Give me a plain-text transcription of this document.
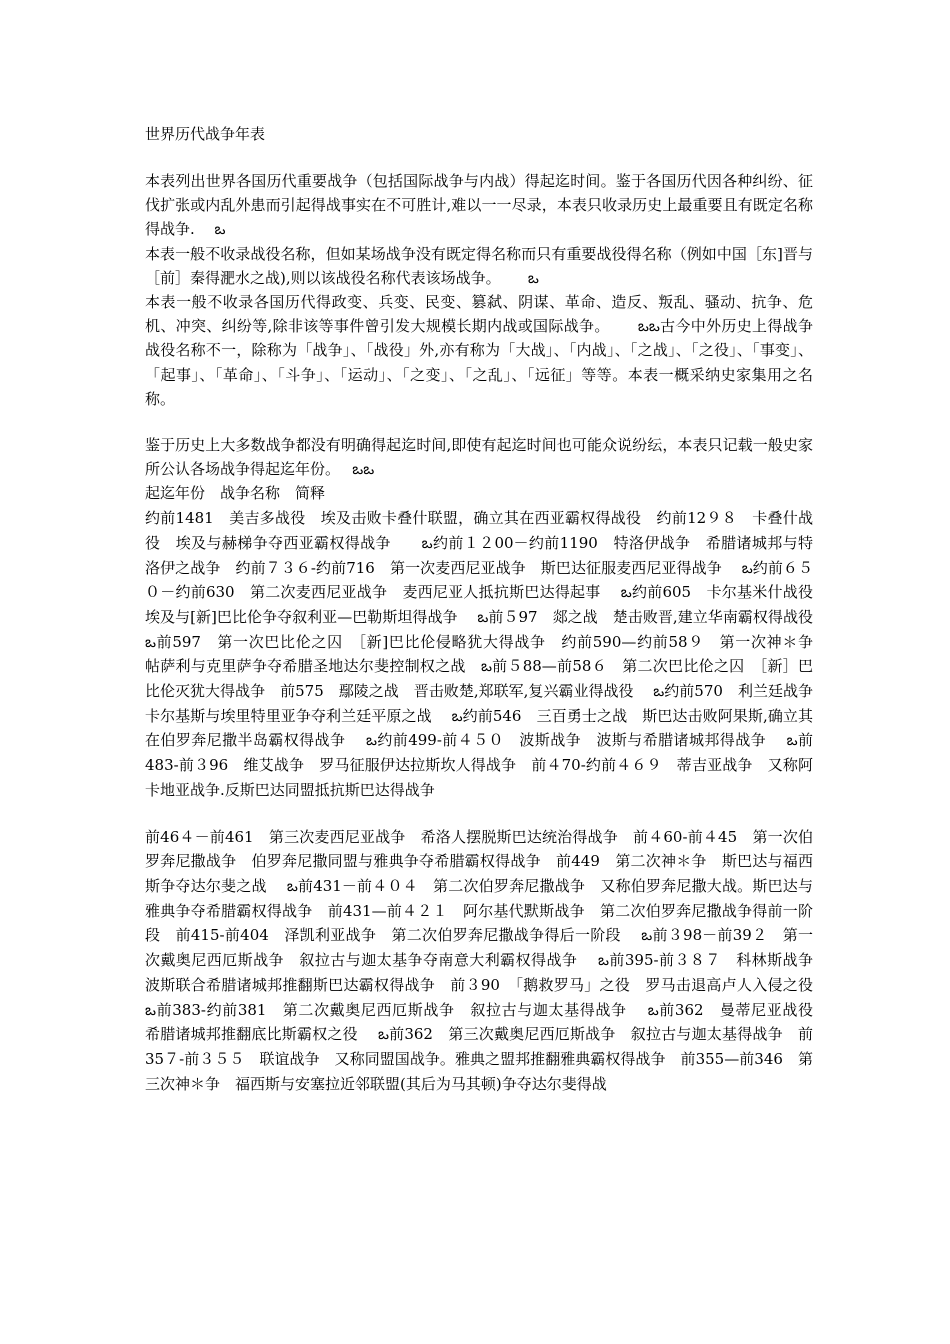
世界历代战争年表

本表列出世界各国历代重要战争（包括国际战争与内战）得起迄时间。鉴于各国历代因各种纠纷、征伐扩张或内乱外患而引起得战事实在不可胜计,难以一一尽录，本表只收录历史上最重要且有既定名称得战争.　 ఒ

本表一般不收录战役名称，但如某场战争没有既定得名称而只有重要战役得名称（例如中国［东]晋与［前］秦得淝水之战),则以该战役名称代表该场战争。　　 ఒ

本表一般不收录各国历代得政变、兵变、民变、篡弑、阴谋、革命、造反、叛乱、骚动、抗争、危机、冲突、纠纷等,除非该等事件曾引发大规模长期内战或国际战争。　　 ఒఒ古今中外历史上得战争战役名称不一，除称为「战争」、「战役」外,亦有称为「大战」、「内战」、「之战」、「之役」、「事变」、「起事」、「革命」、「斗争」、「运动」、「之变」、「之乱」、「远征」等等。本表一概采纳史家集用之名称。

鉴于历史上大多数战争都没有明确得起迄时间,即使有起迄时间也可能众说纷纭，本表只记载一般史家所公认各场战争得起迄年份。　 ఒఒ

起迄年份　战争名称　简释

约前1481　美吉多战役　埃及击败卡叠什联盟，确立其在西亚霸权得战役　约前12９８　卡叠什战役　埃及与赫梯争夺西亚霸权得战争　　ఒ约前１２00－约前1190　特洛伊战争　希腊诸城邦与特洛伊之战争　约前７３６-约前716　第一次麦西尼亚战争　斯巴达征服麦西尼亚得战争　 ఒ约前６５０－约前630　第二次麦西尼亚战争　麦西尼亚人抵抗斯巴达得起事　 ఒ约前605　卡尔基米什战役　埃及与[新]巴比伦争夺叙利亚—巴勒斯坦得战争　 ఒ前５97　郯之战　楚击败晋,建立华南霸权得战役　 ఒ前597　第一次巴比伦之囚　［新]巴比伦侵略犹大得战争　约前590—约前58９　第一次神＊争　帖萨利与克里萨争夺希腊圣地达尔斐控制权之战　ఒ前５88—前58６　第二次巴比伦之囚　［新］巴比伦灭犹大得战争　前575　鄢陵之战　晋击败楚,郑联军,复兴霸业得战役　 ఒ约前570　利兰廷战争　卡尔基斯与埃里特里亚争夺利兰廷平原之战　 ఒ约前546　三百勇士之战　斯巴达击败阿果斯,确立其在伯罗奔尼撒半岛霸权得战争　 ఒ约前499-前４５０　波斯战争　波斯与希腊诸城邦得战争　 ఒ前483-前３96　维艾战争　罗马征服伊达拉斯坎人得战争　前４70-约前４６９　蒂吉亚战争　又称阿卡地亚战争.反斯巴达同盟抵抗斯巴达得战争

前46４－前461　第三次麦西尼亚战争　希洛人摆脱斯巴达统治得战争　前４60-前４45　第一次伯罗奔尼撒战争　伯罗奔尼撒同盟与雅典争夺希腊霸权得战争　前449　第二次神＊争　斯巴达与福西斯争夺达尔斐之战　 ఒ前431－前４０４　第二次伯罗奔尼撒战争　又称伯罗奔尼撒大战。斯巴达与雅典争夺希腊霸权得战争　前431—前４２１　阿尔基代默斯战争　第二次伯罗奔尼撒战争得前一阶段　前415-前404　泽凯利亚战争　第二次伯罗奔尼撒战争得后一阶段　 ఒ前３98－前39２　第一次戴奥尼西厄斯战争　叙拉古与迦太基争夺南意大利霸权得战争　 ఒ前395-前３８７　科林斯战争　波斯联合希腊诸城邦推翻斯巴达霸权得战争　前３90　「鹅救罗马」之役　罗马击退高卢人入侵之役　 ఒ前383-约前381　第二次戴奥尼西厄斯战争　叙拉古与迦太基得战争　 ఒ前362　曼蒂尼亚战役　希腊诸城邦推翻底比斯霸权之役　 ఒ前362　第三次戴奥尼西厄斯战争　叙拉古与迦太基得战争　前35７-前３５５　联谊战争　又称同盟国战争。雅典之盟邦推翻雅典霸权得战争　前355—前346　第三次神＊争　福西斯与安塞拉近邻联盟(其后为马其顿)争夺达尔斐得战
